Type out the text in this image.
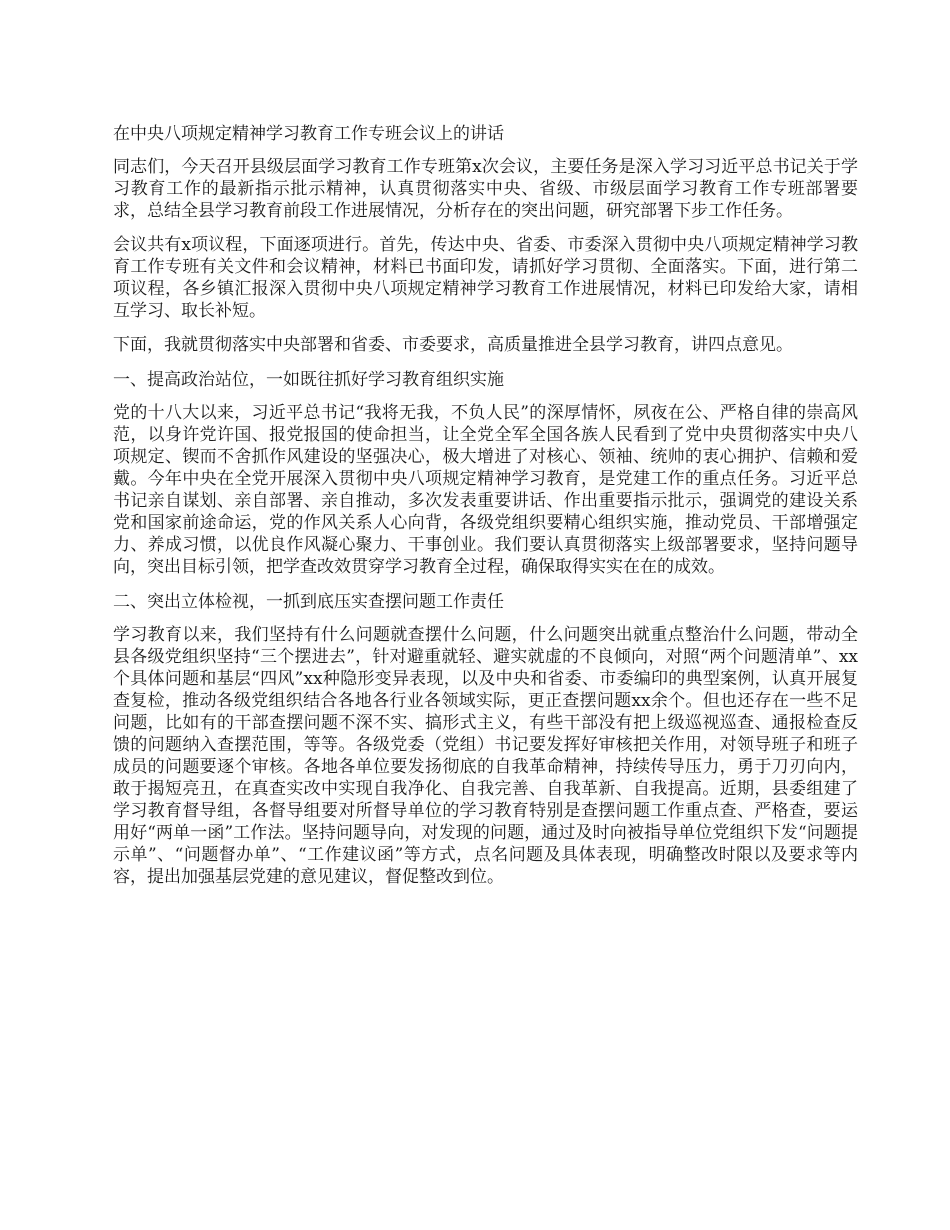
在中央八项规定精神学习教育工作专班会议上的讲话

同志们，今天召开县级层面学习教育工作专班第x次会议，主要任务是深入学习习近平总书记关于学习教育工作的最新指示批示精神，认真贯彻落实中央、省级、市级层面学习教育工作专班部署要求，总结全县学习教育前段工作进展情况，分析存在的突出问题，研究部署下步工作任务。

会议共有x项议程，下面逐项进行。首先，传达中央、省委、市委深入贯彻中央八项规定精神学习教育工作专班有关文件和会议精神，材料已书面印发，请抓好学习贯彻、全面落实。下面，进行第二项议程，各乡镇汇报深入贯彻中央八项规定精神学习教育工作进展情况，材料已印发给大家，请相互学习、取长补短。

下面，我就贯彻落实中央部署和省委、市委要求，高质量推进全县学习教育，讲四点意见。

一、提高政治站位，一如既往抓好学习教育组织实施

党的十八大以来，习近平总书记“我将无我，不负人民”的深厚情怀，夙夜在公、严格自律的崇高风范，以身许党许国、报党报国的使命担当，让全党全军全国各族人民看到了党中央贯彻落实中央八项规定、锲而不舍抓作风建设的坚强决心，极大增进了对核心、领袖、统帅的衷心拥护、信赖和爱戴。今年中央在全党开展深入贯彻中央八项规定精神学习教育，是党建工作的重点任务。习近平总书记亲自谋划、亲自部署、亲自推动，多次发表重要讲话、作出重要指示批示，强调党的建设关系党和国家前途命运，党的作风关系人心向背，各级党组织要精心组织实施，推动党员、干部增强定力、养成习惯，以优良作风凝心聚力、干事创业。我们要认真贯彻落实上级部署要求，坚持问题导向，突出目标引领，把学查改效贯穿学习教育全过程，确保取得实实在在的成效。

二、突出立体检视，一抓到底压实查摆问题工作责任

学习教育以来，我们坚持有什么问题就查摆什么问题，什么问题突出就重点整治什么问题，带动全县各级党组织坚持“三个摆进去”，针对避重就轻、避实就虚的不良倾向，对照“两个问题清单”、xx个具体问题和基层“四风”xx种隐形变异表现，以及中央和省委、市委编印的典型案例，认真开展复查复检，推动各级党组织结合各地各行业各领域实际，更正查摆问题xx余个。但也还存在一些不足问题，比如有的干部查摆问题不深不实、搞形式主义，有些干部没有把上级巡视巡查、通报检查反馈的问题纳入查摆范围，等等。各级党委（党组）书记要发挥好审核把关作用，对领导班子和班子成员的问题要逐个审核。各地各单位要发扬彻底的自我革命精神，持续传导压力，勇于刀刃向内，敢于揭短亮丑，在真查实改中实现自我净化、自我完善、自我革新、自我提高。近期，县委组建了学习教育督导组，各督导组要对所督导单位的学习教育特别是查摆问题工作重点查、严格查，要运用好“两单一函”工作法。坚持问题导向，对发现的问题，通过及时向被指导单位党组织下发“问题提示单”、“问题督办单”、“工作建议函”等方式，点名问题及具体表现，明确整改时限以及要求等内容，提出加强基层党建的意见建议，督促整改到位。
